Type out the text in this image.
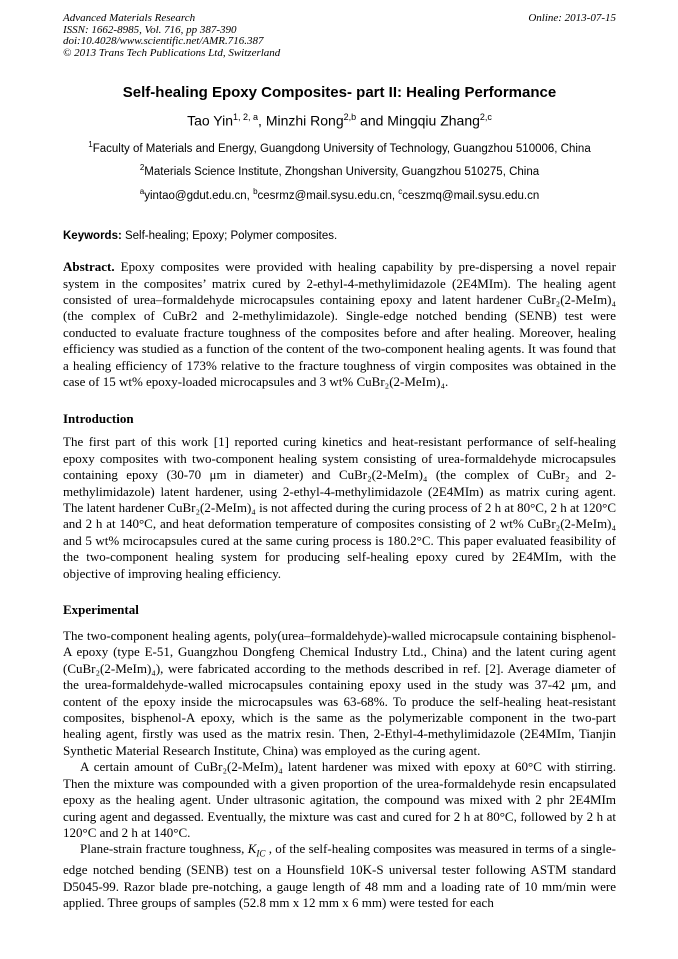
Advanced Materials Research
ISSN: 1662-8985, Vol. 716, pp 387-390
doi:10.4028/www.scientific.net/AMR.716.387
© 2013 Trans Tech Publications Ltd, Switzerland
Online: 2013-07-15
Self-healing Epoxy Composites- part II: Healing Performance
Tao Yin$^{1, 2, a}$, Minzhi Rong$^{2,b}$ and Mingqiu Zhang$^{2,c}$
$^1$Faculty of Materials and Energy, Guangdong University of Technology, Guangzhou 510006, China
$^2$Materials Science Institute, Zhongshan University, Guangzhou 510275, China
$^a$yintao@gdut.edu.cn, $^b$cesrmz@mail.sysu.edu.cn, $^c$ceszmq@mail.sysu.edu.cn
Keywords: Self-healing; Epoxy; Polymer composites.

Abstract. Epoxy composites were provided with healing capability by pre-dispersing a novel repair system in the composites’ matrix cured by 2-ethyl-4-methylimidazole (2E4MIm). The healing agent consisted of urea–formaldehyde microcapsules containing epoxy and latent hardener CuBr₂(2-MeIm)₄ (the complex of CuBr2 and 2-methylimidazole). Single-edge notched bending (SENB) test were conducted to evaluate fracture toughness of the composites before and after healing. Moreover, healing efficiency was studied as a function of the content of the two-component healing agents. It was found that a healing efficiency of 173% relative to the fracture toughness of virgin composites was obtained in the case of 15 wt% epoxy-loaded microcapsules and 3 wt% CuBr₂(2-MeIm)₄.

Introduction

The first part of this work [1] reported curing kinetics and heat-resistant performance of self-healing epoxy composites with two-component healing system consisting of urea-formaldehyde microcapsules containing epoxy (30-70 μm in diameter) and CuBr₂(2-MeIm)₄ (the complex of CuBr₂ and 2-methylimidazole) latent hardener, using 2-ethyl-4-methylimidazole (2E4MIm) as matrix curing agent. The latent hardener CuBr₂(2-MeIm)₄ is not affected during the curing process of 2 h at 80°C, 2 h at 120°C and 2 h at 140°C, and heat deformation temperature of composites consisting of 2 wt% CuBr₂(2-MeIm)₄ and 5 wt% mcirocapsules cured at the same curing process is 180.2°C. This paper evaluated feasibility of the two-component healing system for producing self-healing epoxy cured by 2E4MIm, with the objective of improving healing efficiency.

Experimental

The two-component healing agents, poly(urea–formaldehyde)-walled microcapsule containing bisphenol-A epoxy (type E-51, Guangzhou Dongfeng Chemical Industry Ltd., China) and the latent curing agent (CuBr₂(2-MeIm)₄), were fabricated according to the methods described in ref. [2]. Average diameter of the urea-formaldehyde-walled microcapsules containing epoxy used in the study was 37-42 μm, and content of the epoxy inside the microcapsules was 63-68%. To produce the self-healing heat-resistant composites, bisphenol-A epoxy, which is the same as the polymerizable component in the two-part healing agent, firstly was used as the matrix resin. Then, 2-Ethyl-4-methylimidazole (2E4MIm, Tianjin Synthetic Material Research Institute, China) was employed as the curing agent.

A certain amount of CuBr₂(2-MeIm)₄ latent hardener was mixed with epoxy at 60°C with stirring. Then the mixture was compounded with a given proportion of the urea-formaldehyde resin encapsulated epoxy as the healing agent. Under ultrasonic agitation, the compound was mixed with 2 phr 2E4MIm curing agent and degassed. Eventually, the mixture was cast and cured for 2 h at 80°C, followed by 2 h at 120°C and 2 h at 140°C.

Plane-strain fracture toughness, $K_{IC}$ , of the self-healing composites was measured in terms of a single-edge notched bending (SENB) test on a Hounsfield 10K-S universal tester following ASTM standard D5045-99. Razor blade pre-notching, a gauge length of 48 mm and a loading rate of 10 mm/min were applied. Three groups of samples (52.8 mm x 12 mm x 6 mm) were tested for each
